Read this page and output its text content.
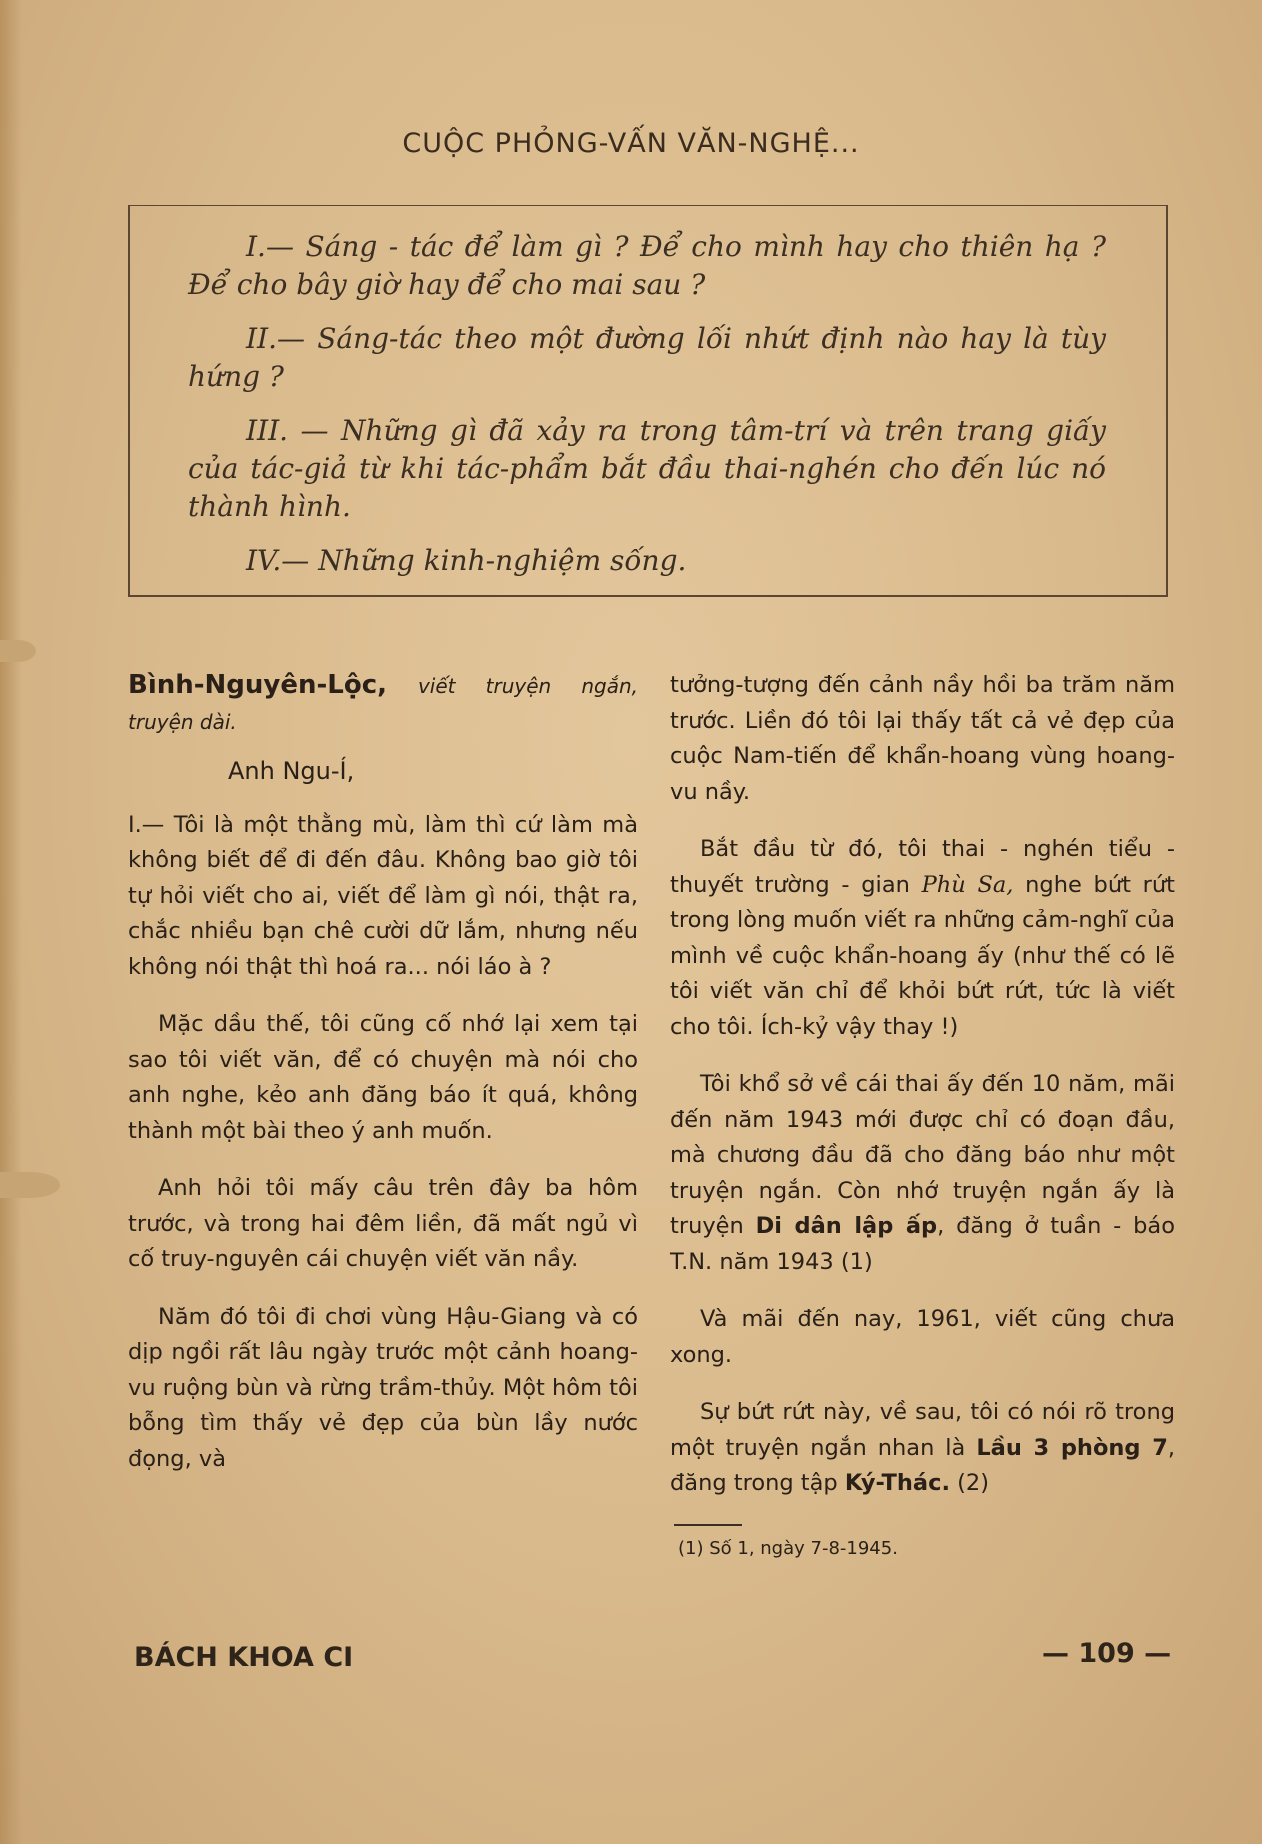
CUỘC PHỎNG-VẤN VĂN-NGHỆ...

I.— Sáng - tác để làm gì ? Để cho mình hay cho thiên hạ ? Để cho bây giờ hay để cho mai sau ?

II.— Sáng-tác theo một đường lối nhứt định nào hay là tùy hứng ?

III. — Những gì đã xảy ra trong tâm-trí và trên trang giấy của tác-giả từ khi tác-phẩm bắt đầu thai-nghén cho đến lúc nó thành hình.

IV.— Những kinh-nghiệm sống.

Bình-Nguyên-Lộc, viết truyện ngắn, truyện dài.

Anh Ngu-Í,

I.— Tôi là một thằng mù, làm thì cứ làm mà không biết để đi đến đâu. Không bao giờ tôi tự hỏi viết cho ai, viết để làm gì nói, thật ra, chắc nhiều bạn chê cười dữ lắm, nhưng nếu không nói thật thì hoá ra... nói láo à ?

Mặc dầu thế, tôi cũng cố nhớ lại xem tại sao tôi viết văn, để có chuyện mà nói cho anh nghe, kẻo anh đăng báo ít quá, không thành một bài theo ý anh muốn.

Anh hỏi tôi mấy câu trên đây ba hôm trước, và trong hai đêm liền, đã mất ngủ vì cố truy-nguyên cái chuyện viết văn nầy.

Năm đó tôi đi chơi vùng Hậu-Giang và có dịp ngồi rất lâu ngày trước một cảnh hoang-vu ruộng bùn và rừng trầm-thủy. Một hôm tôi bỗng tìm thấy vẻ đẹp của bùn lầy nước đọng, và

tưởng-tượng đến cảnh nầy hồi ba trăm năm trước. Liền đó tôi lại thấy tất cả vẻ đẹp của cuộc Nam-tiến để khẩn-hoang vùng hoang-vu nầy.

Bắt đầu từ đó, tôi thai - nghén tiểu - thuyết trường - gian Phù Sa, nghe bứt rứt trong lòng muốn viết ra những cảm-nghĩ của mình về cuộc khẩn-hoang ấy (như thế có lẽ tôi viết văn chỉ để khỏi bứt rứt, tức là viết cho tôi. Ích-kỷ vậy thay !)

Tôi khổ sở về cái thai ấy đến 10 năm, mãi đến năm 1943 mới được chỉ có đoạn đầu, mà chương đầu đã cho đăng báo như một truyện ngắn. Còn nhớ truyện ngắn ấy là truyện Di dân lập ấp, đăng ở tuần - báo T.N. năm 1943 (1)

Và mãi đến nay, 1961, viết cũng chưa xong.

Sự bứt rứt này, về sau, tôi có nói rõ trong một truyện ngắn nhan là Lầu 3 phòng 7, đăng trong tập Ký-Thác. (2)

(1) Số 1, ngày 7-8-1945.

BÁCH KHOA CI	— 109 —
